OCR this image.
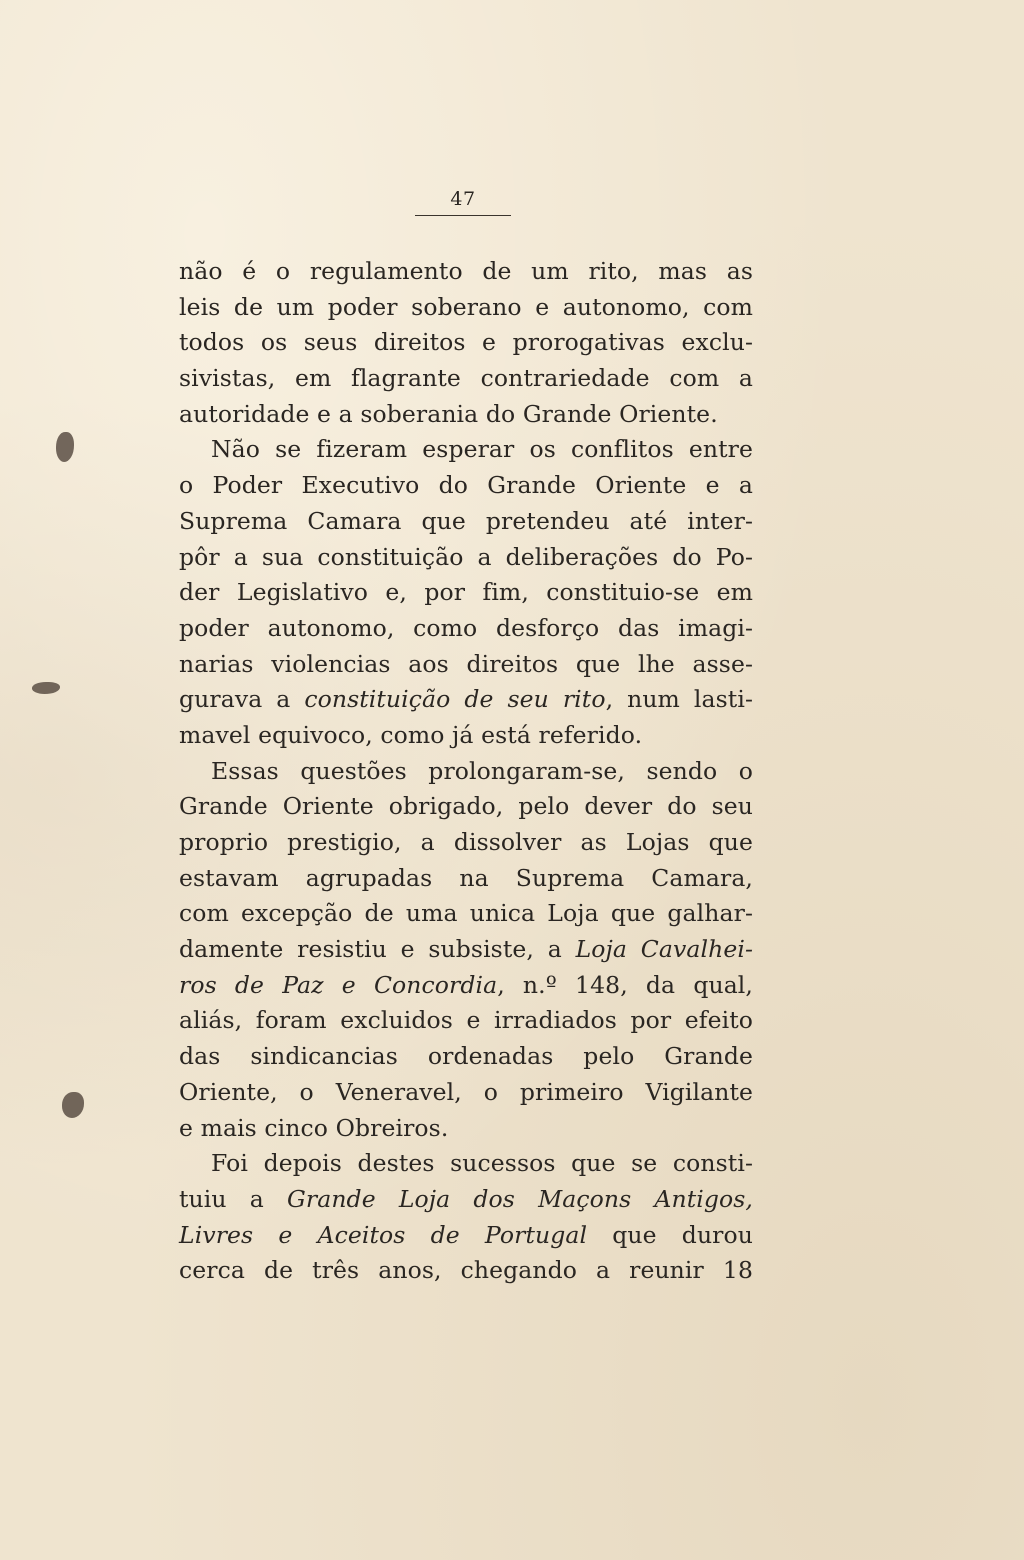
47
não é o regulamento de um rito, mas as
leis de um poder soberano e autonomo, com
todos os seus direitos e prorogativas exclu-
sivistas, em flagrante contrariedade com a
autoridade e a soberania do Grande Oriente.
Não se fizeram esperar os conflitos entre
o Poder Executivo do Grande Oriente e a
Suprema Camara que pretendeu até inter-
pôr a sua constituição a deliberações do Po-
der Legislativo e, por fim, constituio-se em
poder autonomo, como desforço das imagi-
narias violencias aos direitos que lhe asse-
gurava a constituição de seu rito, num lasti-
mavel equivoco, como já está referido.
Essas questões prolongaram-se, sendo o
Grande Oriente obrigado, pelo dever do seu
proprio prestigio, a dissolver as Lojas que
estavam agrupadas na Suprema Camara,
com excepção de uma unica Loja que galhar-
damente resistiu e subsiste, a Loja Cavalhei-
ros de Paz e Concordia, n.º 148, da qual,
aliás, foram excluidos e irradiados por efeito
das sindicancias ordenadas pelo Grande
Oriente, o Veneravel, o primeiro Vigilante
e mais cinco Obreiros.
Foi depois destes sucessos que se consti-
tuiu a Grande Loja dos Maçons Antigos,
Livres e Aceitos de Portugal que durou
cerca de três anos, chegando a reunir 18
